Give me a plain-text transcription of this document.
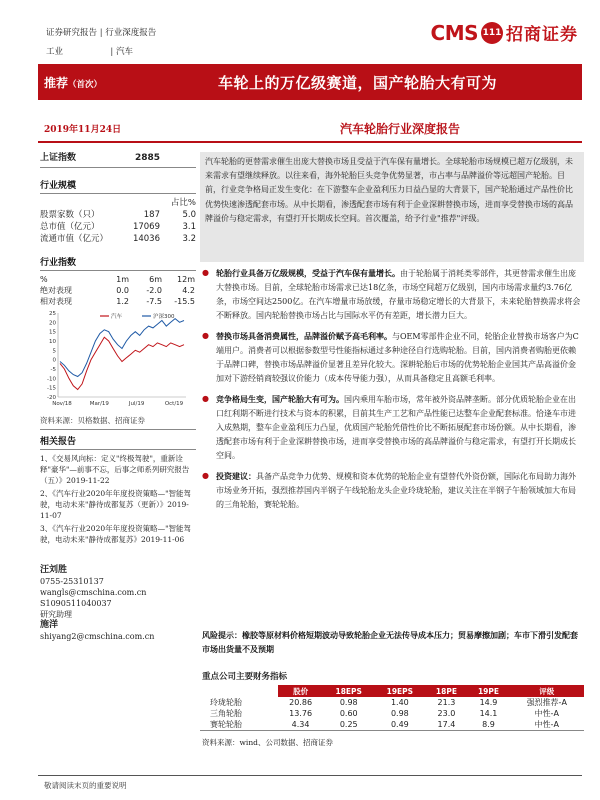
证券研究报告 | 行业深度报告
工业	| 汽车
CMS 111 招商证券
推荐（首次）	车轮上的万亿级赛道，国产轮胎大有可为
2019年11月24日	汽车轮胎行业深度报告
上证指数	2885
行业规模
占比%
股票家数（只）	187	5.0
总市值（亿元）	17069	3.1
流通市值（亿元）	14036	3.2
行业指数
%	1m	6m	12m
绝对表现	0.0	-2.0	4.2
相对表现	1.2	-7.5	-15.5
25
20
15
10
5
0
-5
-10
-15
-20
Nov/18	Mar/19	Jul/19	Oct/19
汽车	沪深300
资料来源：贝格数据、招商证券
相关报告

1、《交易风向标：定义"终极驾驶"，重新诠释"豪华"—前事不忘，后事之师系列研究报告（五）》2019-11-22

2、《汽车行业2020年年度投资策略—"智能驾驶，电动未来"静待成都复苏（更新）》2019-11-07

3、《汽车行业2020年年度投资策略—"智能驾驶，电动未来"静待成都复苏》2019-11-06

汪刘胜

0755-25310137

wangls@cmschina.com.cn

S1090511040037

研究助理

施洋

shiyang2@cmschina.com.cn

汽车轮胎的更替需求催生出庞大替换市场且受益于汽车保有量增长。全球轮胎市场规模已超万亿级别，未来需求有望继续释放。以往来看，海外轮胎巨头竞争优势显著，市占率与品牌溢价等远超国产轮胎。目前，行业竞争格局正发生变化：在下游整车企业盈利压力日益凸显的大背景下，国产轮胎通过产品性价比优势快速渗透配套市场。从中长期看，渗透配套市场有利于企业深耕替换市场，进而享受替换市场的高品牌溢价与稳定需求，有望打开长期成长空间。首次覆盖，给予行业"推荐"评级。
● 轮胎行业具备万亿级规模，受益于汽车保有量增长。由于轮胎属于消耗类零部件，其更替需求催生出庞大替换市场。目前，全球轮胎市场需求已达18亿条，市场空间超万亿级别，国内市场需求量约3.76亿条，市场空间达2500亿。在汽车增量市场放缓，存量市场稳定增长的大背景下，未来轮胎替换需求将会不断释放。国内轮胎替换市场占比与国际水平仍有差距，增长潜力巨大。
● 替换市场具备消费属性，品牌溢价赋予高毛利率。与OEM零部件企业不同，轮胎企业替换市场客户为C端用户。消费者可以根据参数型号性能指标通过多种途径自行选购轮胎。目前，国内消费者购胎更依赖于品牌口碑，替换市场品牌溢价显著且差异化较大。深耕轮胎后市场的优势轮胎企业国其产品高溢价金加对下游经销商较强议价能力（成本传导能力强），从而具备稳定且高额毛利率。
● 竞争格局生变，国产轮胎大有可为。国内乘用车胎市场，常年被外资品牌垄断。部分优质轮胎企业在出口红利期不断进行技术与资本的积累，目前其生产工艺和产品性能已达整车企业配套标准。恰逢车市进入成熟期，整车企业盈利压力凸显，优质国产轮胎凭借性价比不断拓展配套市场份额。从中长期看，渗透配套市场有利于企业深耕替换市场，进而享受替换市场的高品牌溢价与稳定需求，有望打开长期成长空间。
● 投资建议：具备产品竞争力优势、规模和资本优势的轮胎企业有望替代外资份额，国际化布局助力海外市场业务开拓，强烈推荐国内半钢子午线轮胎龙头企业玲珑轮胎，建议关注在半钢子午胎领域加大布局的三角轮胎，赛轮轮胎。
风险提示：橡胶等原材料价格短期波动导致轮胎企业无法传导成本压力；贸易摩擦加剧；车市下滑引发配套市场出货量不及预期
重点公司主要财务指标
	股价	18EPS	19EPS	18PE	19PE	评级
玲珑轮胎	20.86	0.98	1.40	21.3	14.9	强烈推荐-A
三角轮胎	13.76	0.60	0.98	23.0	14.1	中性-A
赛轮轮胎	4.34	0.25	0.49	17.4	8.9	中性-A
资料来源：wind、公司数据、招商证券
敬请阅读末页的重要说明
